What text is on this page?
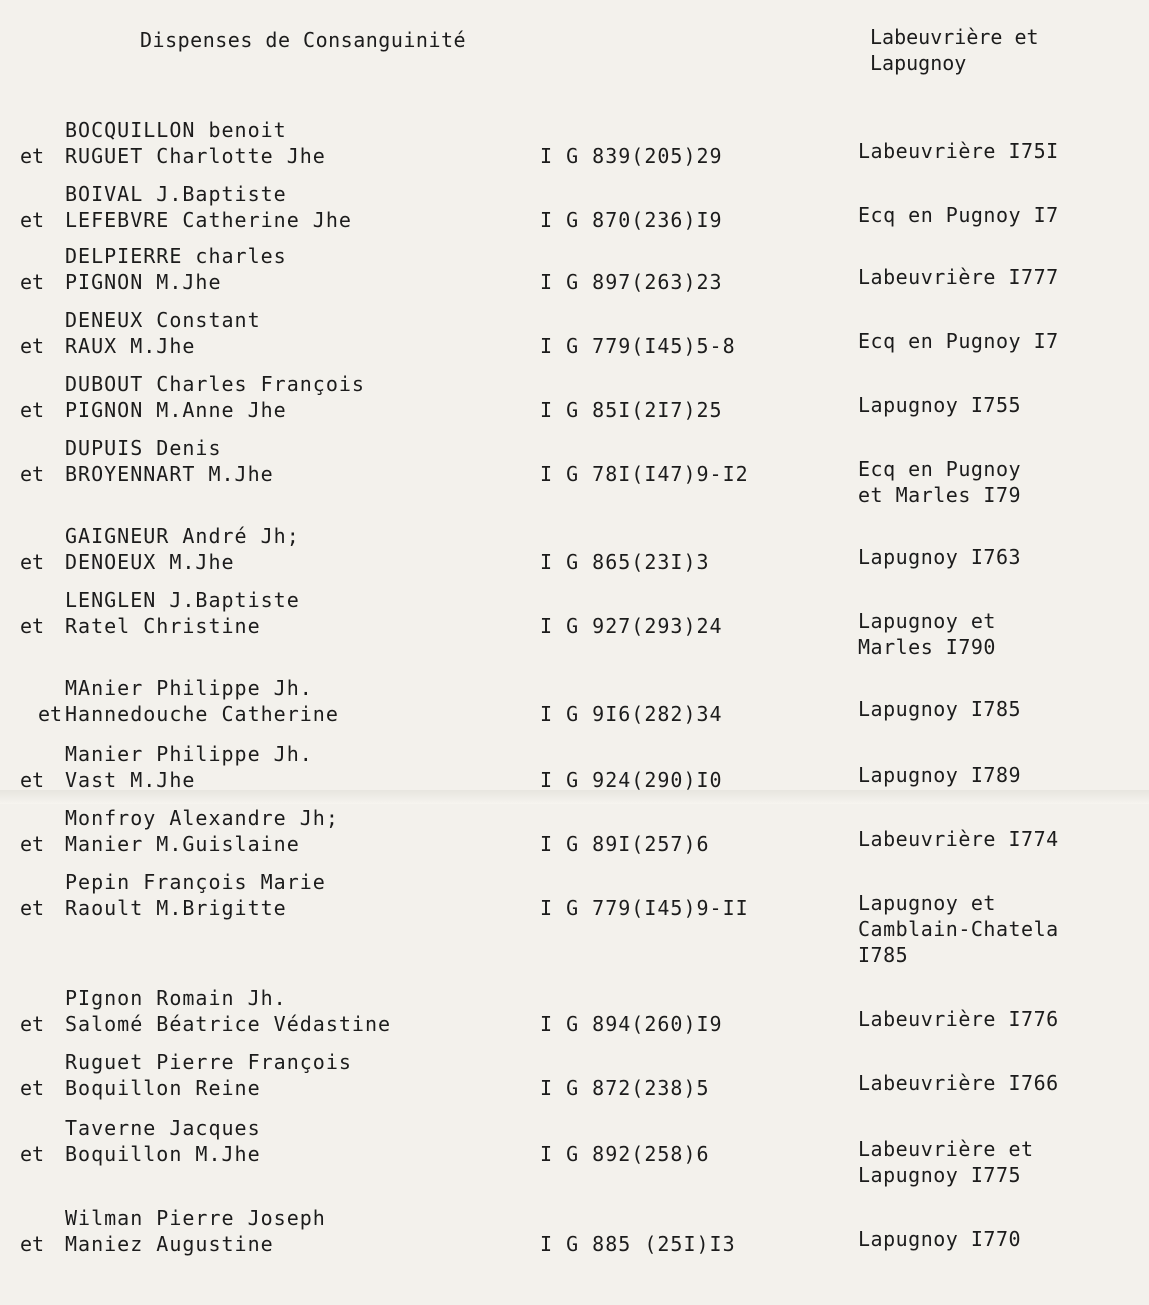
Dispenses de Consanguinité	Labeuvrière et
Lapugnoy
BOCQUILLON benoit
et RUGUET Charlotte Jhe	I G 839(205)29	Labeuvrière I75I
BOIVAL J.Baptiste
et LEFEBVRE Catherine Jhe	I G 870(236)I9	Ecq en Pugnoy I7
DELPIERRE charles
et PIGNON M.Jhe	I G 897(263)23	Labeuvrière I777
DENEUX Constant
et RAUX M.Jhe	I G 779(I45)5-8	Ecq en Pugnoy I7
DUBOUT Charles François
et PIGNON M.Anne Jhe	I G 85I(2I7)25	Lapugnoy I755
DUPUIS Denis
et BROYENNART M.Jhe	I G 78I(I47)9-I2	Ecq en Pugnoy
et Marles I79
GAIGNEUR André Jh;
et DENOEUX M.Jhe	I G 865(23I)3	Lapugnoy I763
LENGLEN J.Baptiste
et Ratel Christine	I G 927(293)24	Lapugnoy et
Marles I790
MAnier Philippe Jh.
et Hannedouche Catherine	I G 9I6(282)34	Lapugnoy I785
Manier Philippe Jh.
et Vast M.Jhe	I G 924(290)I0	Lapugnoy I789
Monfroy Alexandre Jh;
et Manier M.Guislaine	I G 89I(257)6	Labeuvrière I774
Pepin François Marie
et Raoult M.Brigitte	I G 779(I45)9-II	Lapugnoy et
Camblain-Chatela
I785
PIgnon Romain Jh.
et Salomé Béatrice Védastine	I G 894(260)I9	Labeuvrière I776
Ruguet Pierre François
et Boquillon Reine	I G 872(238)5	Labeuvrière I766
Taverne Jacques
et Boquillon M.Jhe	I G 892(258)6	Labeuvrière et
Lapugnoy I775
Wilman Pierre Joseph
et Maniez Augustine	I G 885 (25I)I3	Lapugnoy I770
